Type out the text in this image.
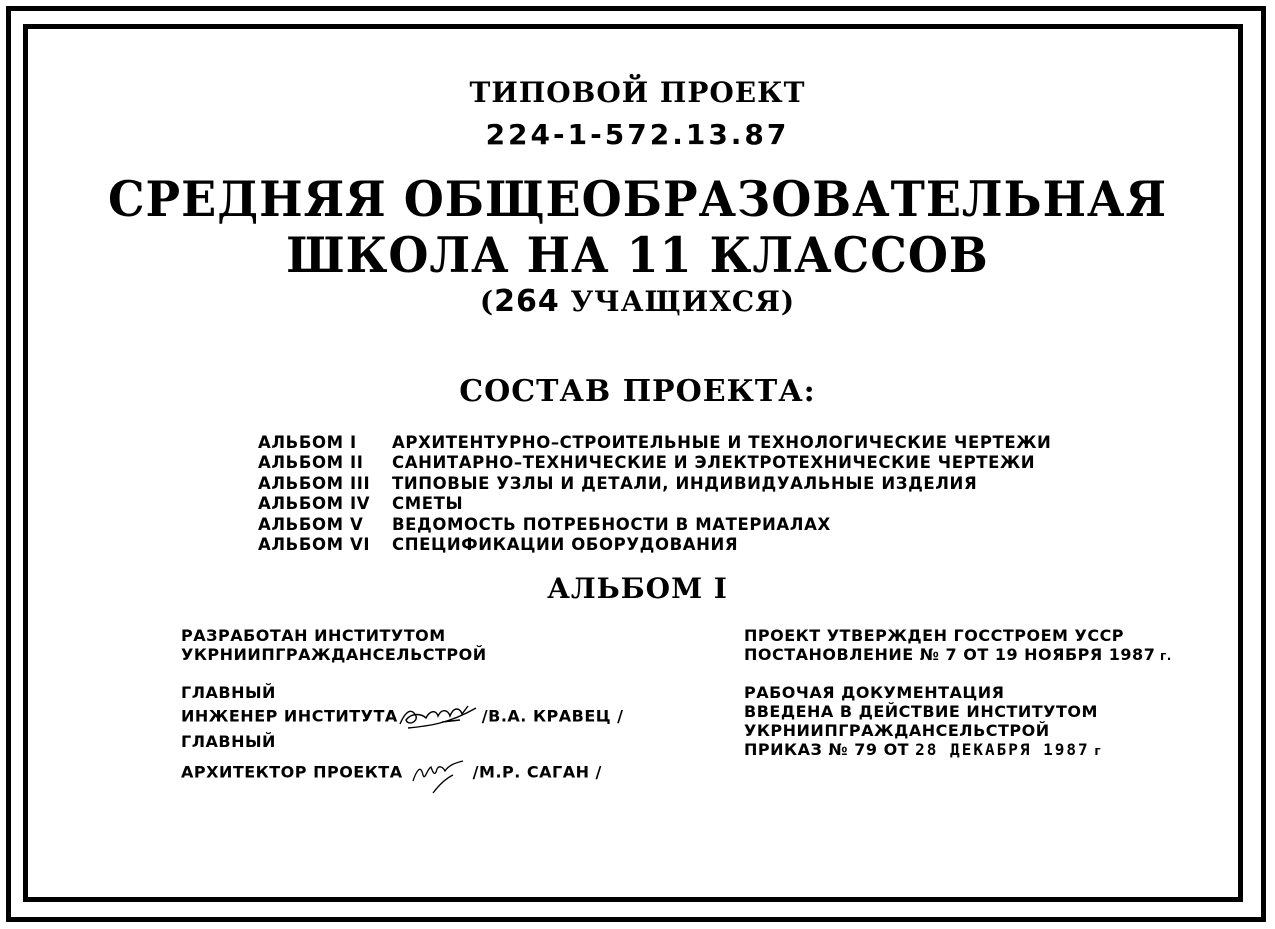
ТИПОВОЙ ПРОЕКТ
224-1-572.13.87
СРЕДНЯЯ ОБЩЕОБРАЗОВАТЕЛЬНАЯ
ШКОЛА НА 11 КЛАССОВ
(264 УЧАЩИХСЯ)
СОСТАВ ПРОЕКТА:
АЛЬБОМ I	АРХИТЕНТУРНО–СТРОИТЕЛЬНЫЕ И ТЕХНОЛОГИЧЕСКИЕ ЧЕРТЕЖИ
АЛЬБОМ II	САНИТАРНО–ТЕХНИЧЕСКИЕ И ЭЛЕКТРОТЕХНИЧЕСКИЕ ЧЕРТЕЖИ
АЛЬБОМ III	ТИПОВЫЕ УЗЛЫ И ДЕТАЛИ, ИНДИВИДУАЛЬНЫЕ ИЗДЕЛИЯ
АЛЬБОМ IV	СМЕТЫ
АЛЬБОМ V	ВЕДОМОСТЬ ПОТРЕБНОСТИ В МАТЕРИАЛАХ
АЛЬБОМ VI	СПЕЦИФИКАЦИИ ОБОРУДОВАНИЯ
АЛЬБОМ I
РАЗРАБОТАН ИНСТИТУТОМ
УКРНИИПГРАЖДАНСЕЛЬСТРОЙ
ГЛАВНЫЙ
ИНЖЕНЕР ИНСТИТУТА	/В.А. КРАВЕЦ /
ГЛАВНЫЙ
АРХИТЕКТОР ПРОЕКТА	/М.Р. САГАН /
ПРОЕКТ УТВЕРЖДЕН ГОССТРОЕМ УССР
ПОСТАНОВЛЕНИЕ № 7 ОТ 19 НОЯБРЯ 1987 г.
РАБОЧАЯ ДОКУМЕНТАЦИЯ
ВВЕДЕНА В ДЕЙСТВИЕ ИНСТИТУТОМ
УКРНИИПГРАЖДАНСЕЛЬСТРОЙ
ПРИКАЗ № 79 ОТ 28 ДЕКАБРЯ 1987 г
